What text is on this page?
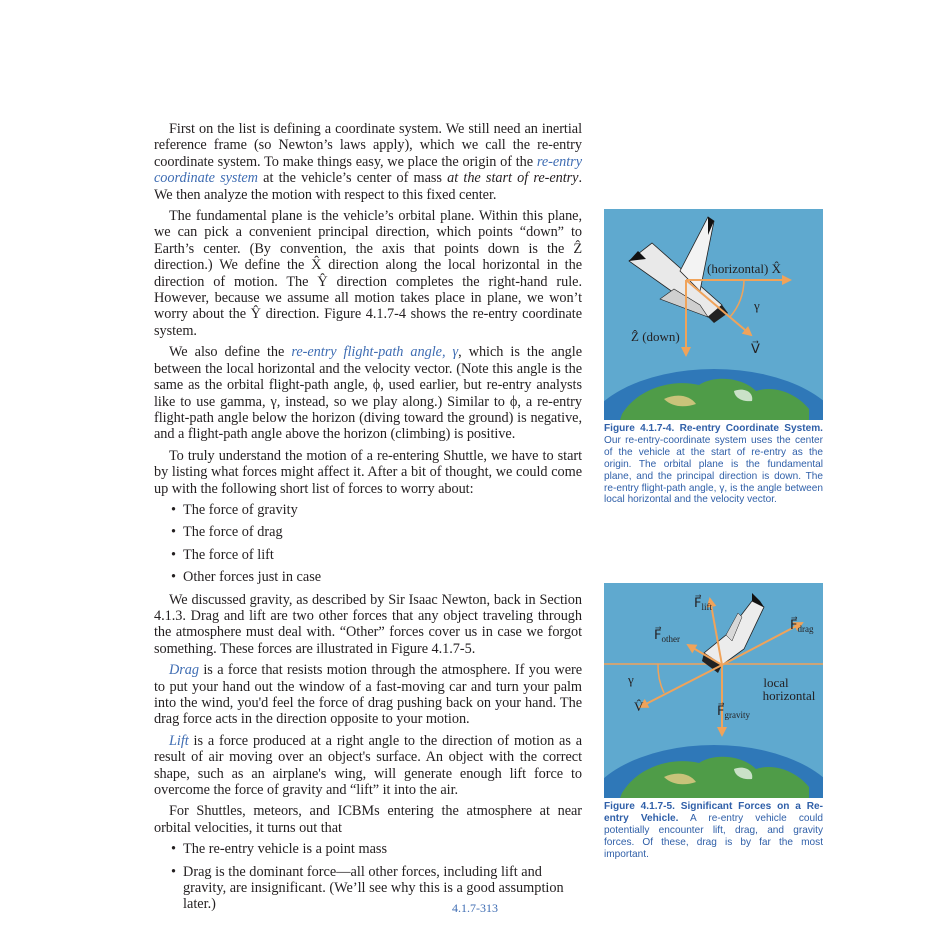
First on the list is defining a coordinate system. We still need an inertial reference frame (so Newton’s laws apply), which we call the re-entry coordinate system. To make things easy, we place the origin of the re-entry coordinate system at the vehicle’s center of mass at the start of re-entry. We then analyze the motion with respect to this fixed center.

The fundamental plane is the vehicle’s orbital plane. Within this plane, we can pick a convenient principal direction, which points “down” to Earth’s center. (By convention, the axis that points down is the Ẑ direction.) We define the X̂ direction along the local horizontal in the direction of motion. The Ŷ direction completes the right-hand rule. However, because we assume all motion takes place in plane, we won’t worry about the Ŷ direction. Figure 4.1.7-4 shows the re-entry coordinate system.

We also define the re-entry flight-path angle, γ, which is the angle between the local horizontal and the velocity vector. (Note this angle is the same as the orbital flight-path angle, ϕ, used earlier, but re-entry analysts like to use gamma, γ, instead, so we play along.) Similar to ϕ, a re-entry flight-path angle below the horizon (diving toward the ground) is negative, and a flight-path angle above the horizon (climbing) is positive.

To truly understand the motion of a re-entering Shuttle, we have to start by listing what forces might affect it. After a bit of thought, we could come up with the following short list of forces to worry about:

• The force of gravity
• The force of drag
• The force of lift
• Other forces just in case

We discussed gravity, as described by Sir Isaac Newton, back in Section 4.1.3. Drag and lift are two other forces that any object traveling through the atmosphere must deal with. “Other” forces cover us in case we forgot something. These forces are illustrated in Figure 4.1.7-5.

Drag is a force that resists motion through the atmosphere. If you were to put your hand out the window of a fast-moving car and turn your palm into the wind, you'd feel the force of drag pushing back on your hand. The drag force acts in the direction opposite to your motion.

Lift is a force produced at a right angle to the direction of motion as a result of air moving over an object's surface. An object with the correct shape, such as an airplane's wing, will generate enough lift force to overcome the force of gravity and “lift” it into the air.

For Shuttles, meteors, and ICBMs entering the atmosphere at near orbital velocities, it turns out that

• The re-entry vehicle is a point mass
• Drag is the dominant force—all other forces, including lift and gravity, are insignificant. (We’ll see why this is a good assumption later.)
(horizontal) X̂
γ
Ẑ (down)
V⃗
Figure 4.1.7-4. Re-entry Coordinate System. Our re-entry-coordinate system uses the center of the vehicle at the start of re-entry as the origin. The orbital plane is the fundamental plane, and the principal direction is down. The re-entry flight-path angle, γ, is the angle between local horizontal and the velocity vector.
$F⃗_{lift}$
$F⃗_{drag}$
$F⃗_{other}$
$F⃗_{gravity}$
γ
V̂
local
horizontal
Figure 4.1.7-5. Significant Forces on a Re-entry Vehicle. A re-entry vehicle could potentially encounter lift, drag, and gravity forces. Of these, drag is by far the most important.
4.1.7-313
